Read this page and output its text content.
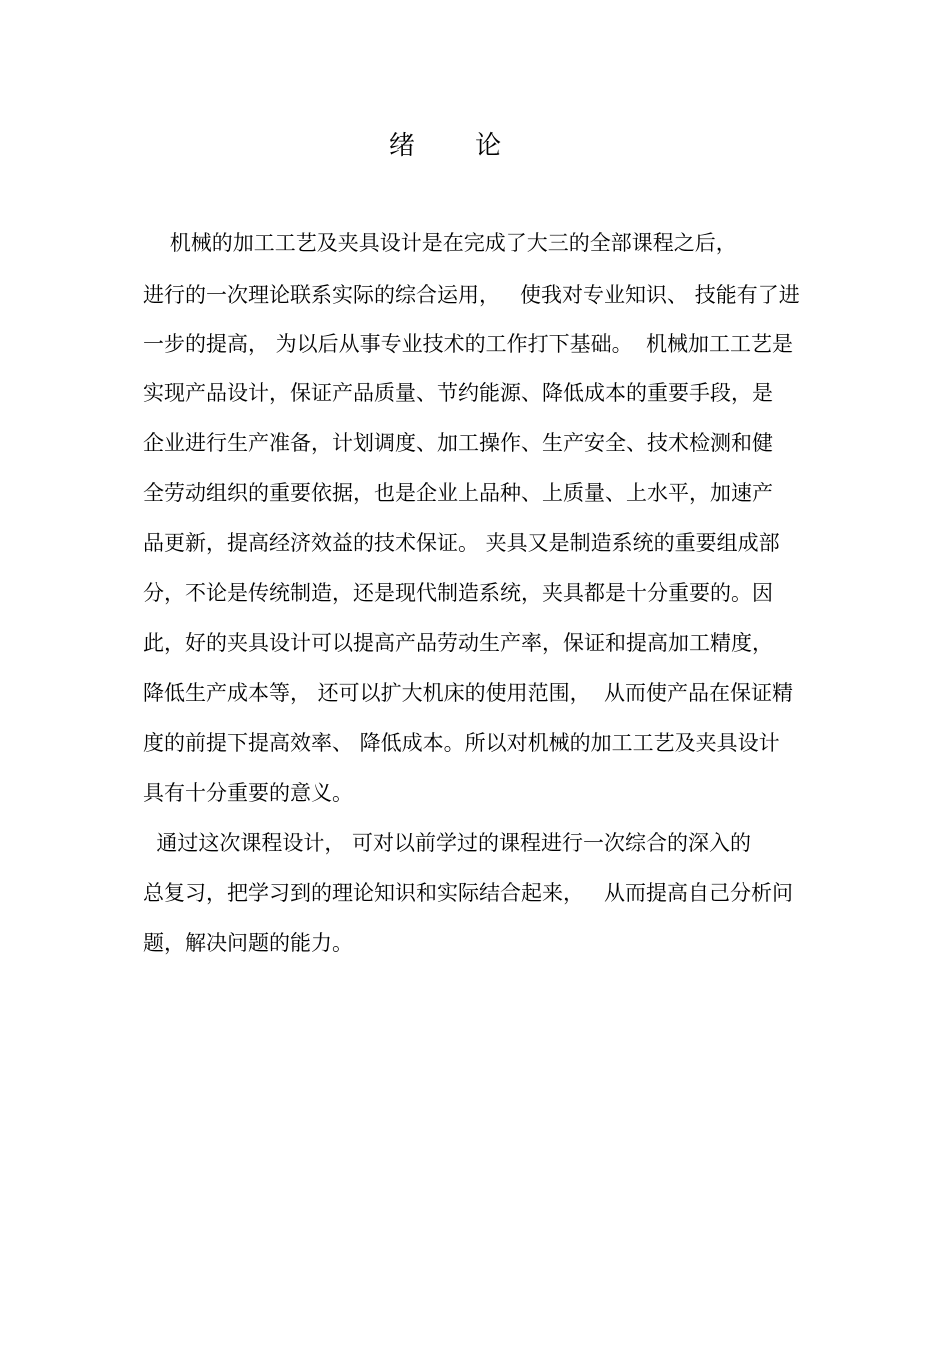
绪 论

机械的加工工艺及夹具设计是在完成了大三的全部课程之后，

进行的一次理论联系实际的综合运用，   使我对专业知识、 技能有了进

一步的提高， 为以后从事专业技术的工作打下基础。  机械加工工艺是

实现产品设计，保证产品质量、节约能源、降低成本的重要手段，是

企业进行生产准备，计划调度、加工操作、生产安全、技术检测和健

全劳动组织的重要依据，也是企业上品种、上质量、上水平，加速产

品更新，提高经济效益的技术保证。 夹具又是制造系统的重要组成部

分，不论是传统制造，还是现代制造系统，夹具都是十分重要的。因

此，好的夹具设计可以提高产品劳动生产率，保证和提高加工精度，

降低生产成本等， 还可以扩大机床的使用范围，  从而使产品在保证精

度的前提下提高效率、 降低成本。所以对机械的加工工艺及夹具设计

具有十分重要的意义。

通过这次课程设计， 可对以前学过的课程进行一次综合的深入的

总复习，把学习到的理论知识和实际结合起来，   从而提高自己分析问

题，解决问题的能力。
